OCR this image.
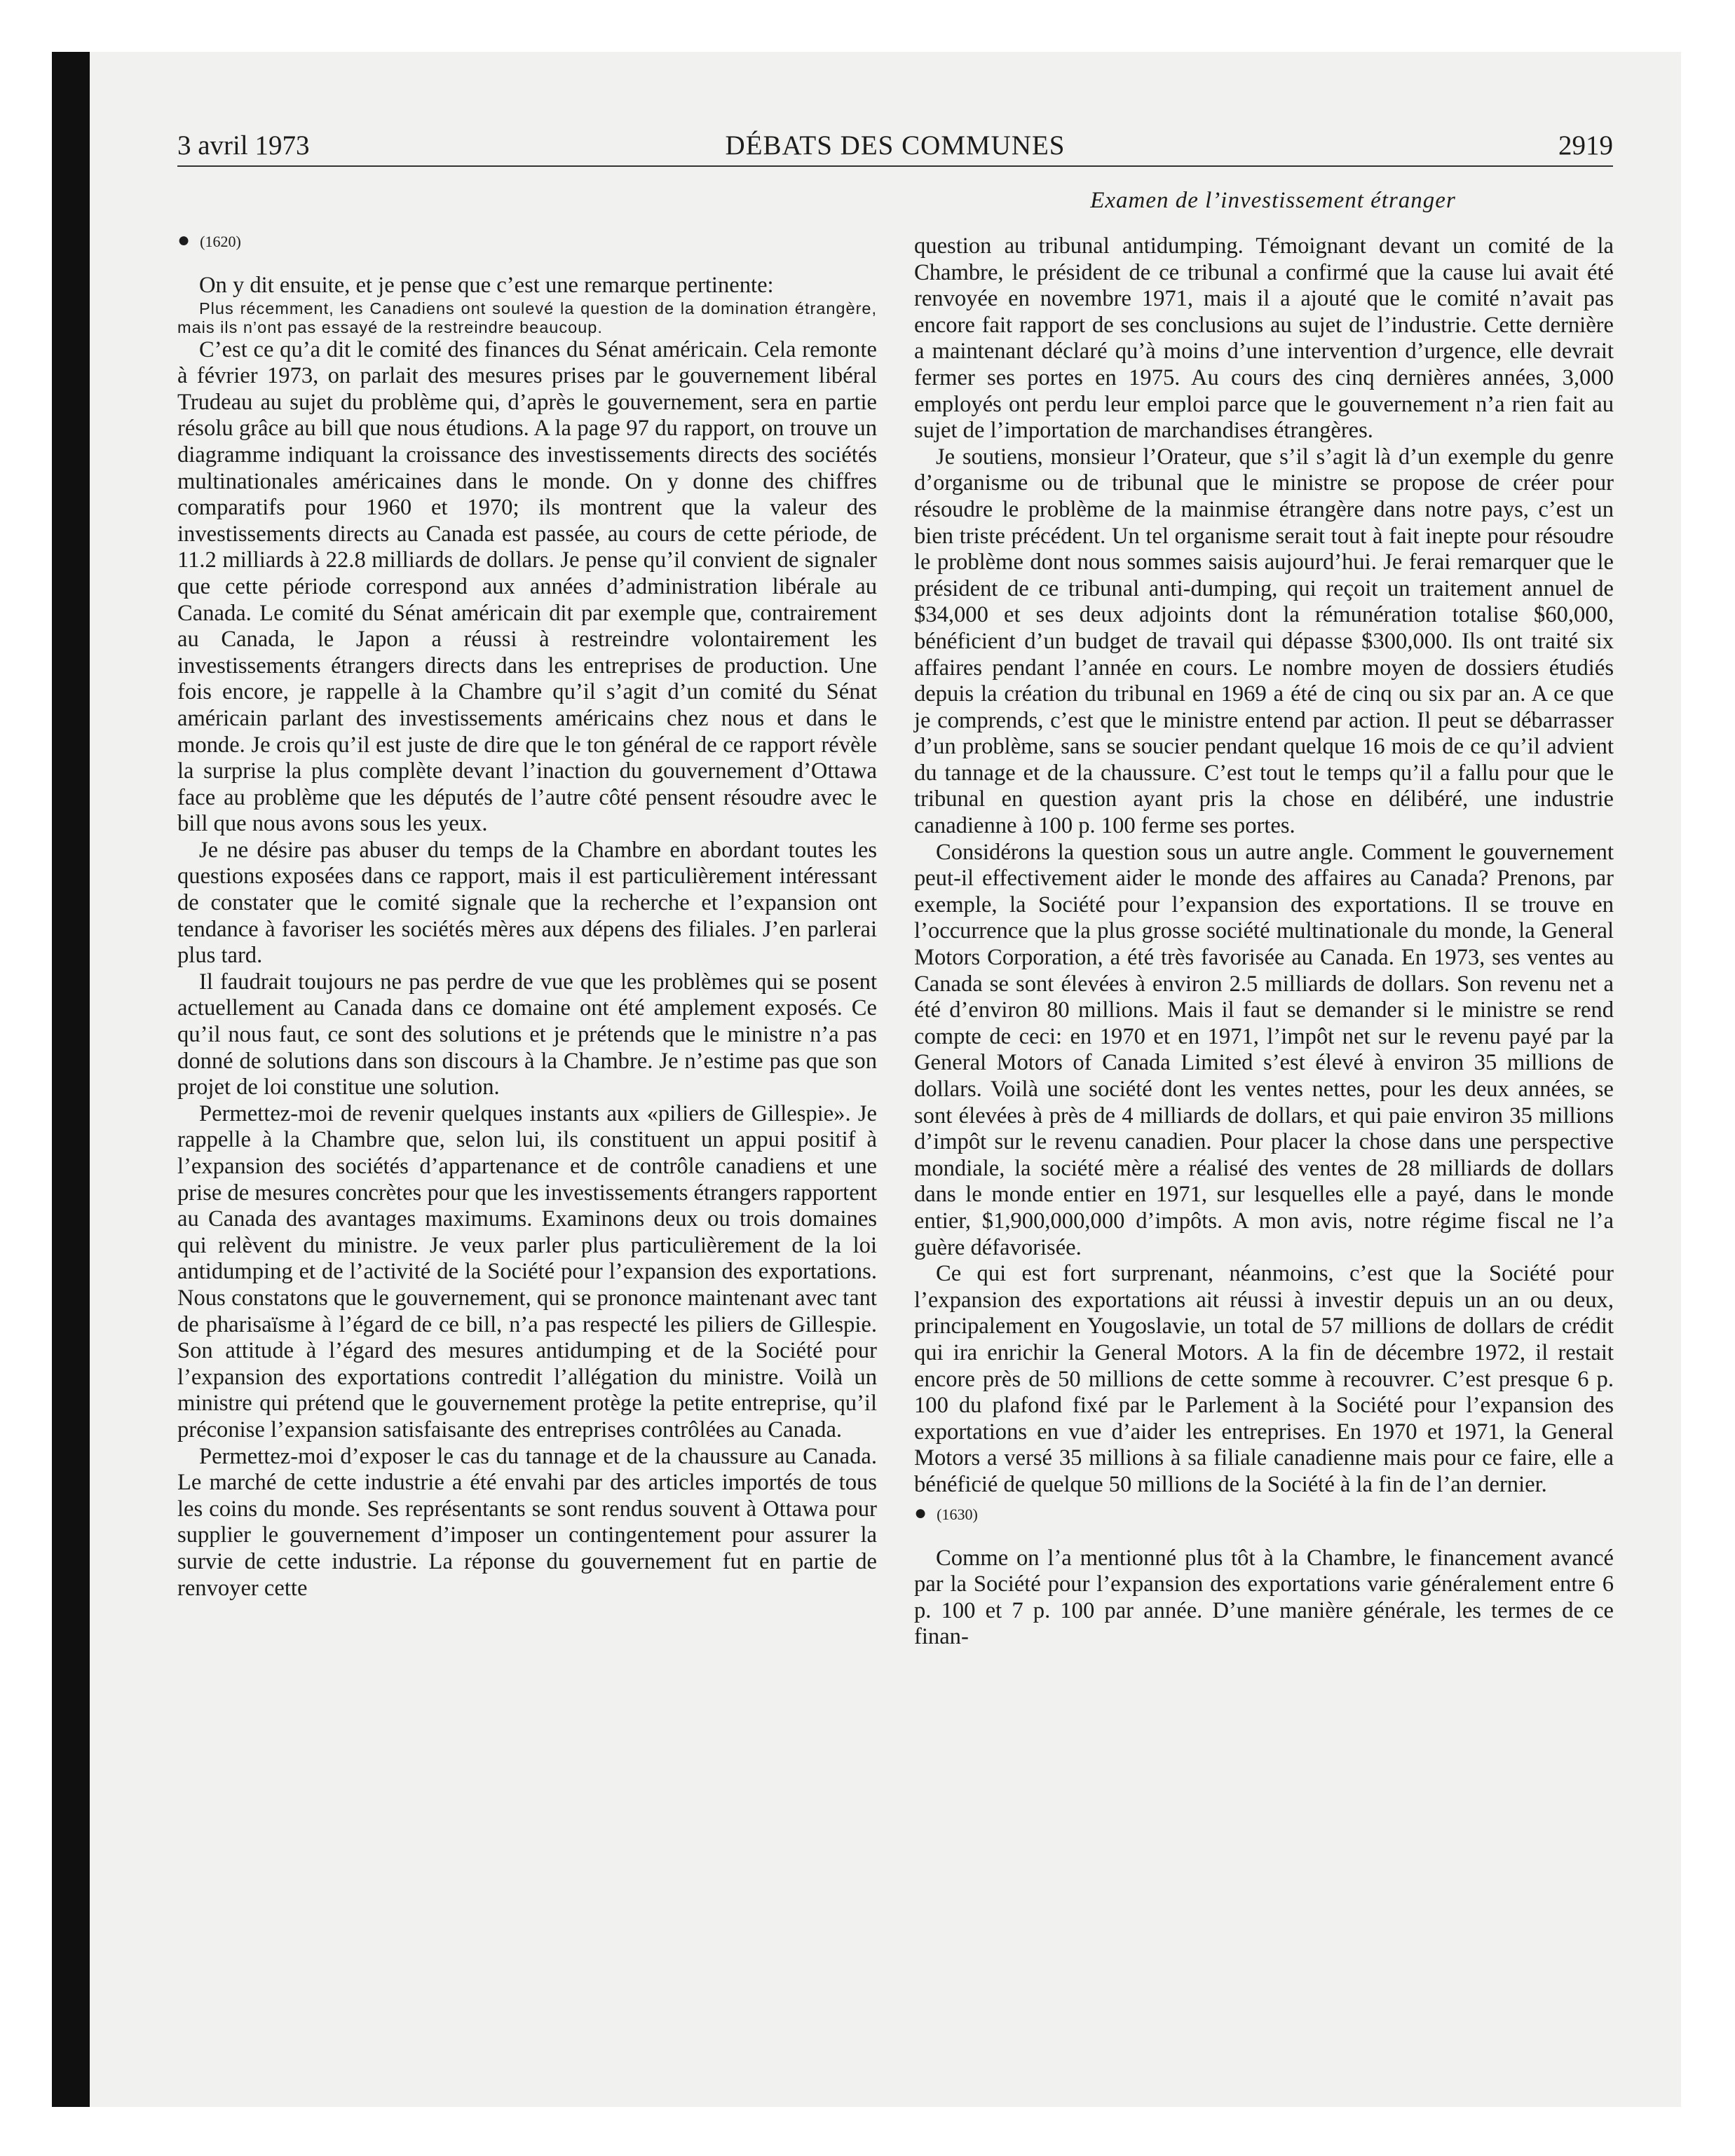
3 avril 1973	DÉBATS DES COMMUNES	2919
Examen de l’investissement étranger
● (1620)

On y dit ensuite, et je pense que c’est une remarque pertinente:

Plus récemment, les Canadiens ont soulevé la question de la domination étrangère, mais ils n’ont pas essayé de la restreindre beaucoup.

C’est ce qu’a dit le comité des finances du Sénat américain. Cela remonte à février 1973, on parlait des mesures prises par le gouvernement libéral Trudeau au sujet du problème qui, d’après le gouvernement, sera en partie résolu grâce au bill que nous étudions. A la page 97 du rapport, on trouve un diagramme indiquant la croissance des investissements directs des sociétés multinationales américaines dans le monde. On y donne des chiffres comparatifs pour 1960 et 1970; ils montrent que la valeur des investissements directs au Canada est passée, au cours de cette période, de 11.2 milliards à 22.8 milliards de dollars. Je pense qu’il convient de signaler que cette période correspond aux années d’administration libérale au Canada. Le comité du Sénat américain dit par exemple que, contrairement au Canada, le Japon a réussi à restreindre volontairement les investissements étrangers directs dans les entreprises de production. Une fois encore, je rappelle à la Chambre qu’il s’agit d’un comité du Sénat américain parlant des investissements américains chez nous et dans le monde. Je crois qu’il est juste de dire que le ton général de ce rapport révèle la surprise la plus complète devant l’inaction du gouvernement d’Ottawa face au problème que les députés de l’autre côté pensent résoudre avec le bill que nous avons sous les yeux.

Je ne désire pas abuser du temps de la Chambre en abordant toutes les questions exposées dans ce rapport, mais il est particulièrement intéressant de constater que le comité signale que la recherche et l’expansion ont tendance à favoriser les sociétés mères aux dépens des filiales. J’en parlerai plus tard.

Il faudrait toujours ne pas perdre de vue que les problèmes qui se posent actuellement au Canada dans ce domaine ont été amplement exposés. Ce qu’il nous faut, ce sont des solutions et je prétends que le ministre n’a pas donné de solutions dans son discours à la Chambre. Je n’estime pas que son projet de loi constitue une solution.

Permettez-moi de revenir quelques instants aux «piliers de Gillespie». Je rappelle à la Chambre que, selon lui, ils constituent un appui positif à l’expansion des sociétés d’appartenance et de contrôle canadiens et une prise de mesures concrètes pour que les investissements étrangers rapportent au Canada des avantages maximums. Examinons deux ou trois domaines qui relèvent du ministre. Je veux parler plus particulièrement de la loi antidumping et de l’activité de la Société pour l’expansion des exportations. Nous constatons que le gouvernement, qui se prononce maintenant avec tant de pharisaïsme à l’égard de ce bill, n’a pas respecté les piliers de Gillespie. Son attitude à l’égard des mesures antidumping et de la Société pour l’expansion des exportations contredit l’allégation du ministre. Voilà un ministre qui prétend que le gouvernement protège la petite entreprise, qu’il préconise l’expansion satisfaisante des entreprises contrôlées au Canada.

Permettez-moi d’exposer le cas du tannage et de la chaussure au Canada. Le marché de cette industrie a été envahi par des articles importés de tous les coins du monde. Ses représentants se sont rendus souvent à Ottawa pour supplier le gouvernement d’imposer un contingentement pour assurer la survie de cette industrie. La réponse du gouvernement fut en partie de renvoyer cette

question au tribunal antidumping. Témoignant devant un comité de la Chambre, le président de ce tribunal a confirmé que la cause lui avait été renvoyée en novembre 1971, mais il a ajouté que le comité n’avait pas encore fait rapport de ses conclusions au sujet de l’industrie. Cette dernière a maintenant déclaré qu’à moins d’une intervention d’urgence, elle devrait fermer ses portes en 1975. Au cours des cinq dernières années, 3,000 employés ont perdu leur emploi parce que le gouvernement n’a rien fait au sujet de l’importation de marchandises étrangères.

Je soutiens, monsieur l’Orateur, que s’il s’agit là d’un exemple du genre d’organisme ou de tribunal que le ministre se propose de créer pour résoudre le problème de la mainmise étrangère dans notre pays, c’est un bien triste précédent. Un tel organisme serait tout à fait inepte pour résoudre le problème dont nous sommes saisis aujourd’hui. Je ferai remarquer que le président de ce tribunal anti-dumping, qui reçoit un traitement annuel de $34,000 et ses deux adjoints dont la rémunération totalise $60,000, bénéficient d’un budget de travail qui dépasse $300,000. Ils ont traité six affaires pendant l’année en cours. Le nombre moyen de dossiers étudiés depuis la création du tribunal en 1969 a été de cinq ou six par an. A ce que je comprends, c’est que le ministre entend par action. Il peut se débarrasser d’un problème, sans se soucier pendant quelque 16 mois de ce qu’il advient du tannage et de la chaussure. C’est tout le temps qu’il a fallu pour que le tribunal en question ayant pris la chose en délibéré, une industrie canadienne à 100 p. 100 ferme ses portes.

Considérons la question sous un autre angle. Comment le gouvernement peut-il effectivement aider le monde des affaires au Canada? Prenons, par exemple, la Société pour l’expansion des exportations. Il se trouve en l’occurrence que la plus grosse société multinationale du monde, la General Motors Corporation, a été très favorisée au Canada. En 1973, ses ventes au Canada se sont élevées à environ 2.5 milliards de dollars. Son revenu net a été d’environ 80 millions. Mais il faut se demander si le ministre se rend compte de ceci: en 1970 et en 1971, l’impôt net sur le revenu payé par la General Motors of Canada Limited s’est élevé à environ 35 millions de dollars. Voilà une société dont les ventes nettes, pour les deux années, se sont élevées à près de 4 milliards de dollars, et qui paie environ 35 millions d’impôt sur le revenu canadien. Pour placer la chose dans une perspective mondiale, la société mère a réalisé des ventes de 28 milliards de dollars dans le monde entier en 1971, sur lesquelles elle a payé, dans le monde entier, $1,900,000,000 d’impôts. A mon avis, notre régime fiscal ne l’a guère défavorisée.

Ce qui est fort surprenant, néanmoins, c’est que la Société pour l’expansion des exportations ait réussi à investir depuis un an ou deux, principalement en Yougoslavie, un total de 57 millions de dollars de crédit qui ira enrichir la General Motors. A la fin de décembre 1972, il restait encore près de 50 millions de cette somme à recouvrer. C’est presque 6 p. 100 du plafond fixé par le Parlement à la Société pour l’expansion des exportations en vue d’aider les entreprises. En 1970 et 1971, la General Motors a versé 35 millions à sa filiale canadienne mais pour ce faire, elle a bénéficié de quelque 50 millions de la Société à la fin de l’an dernier.

● (1630)

Comme on l’a mentionné plus tôt à la Chambre, le financement avancé par la Société pour l’expansion des exportations varie généralement entre 6 p. 100 et 7 p. 100 par année. D’une manière générale, les termes de ce finan-
